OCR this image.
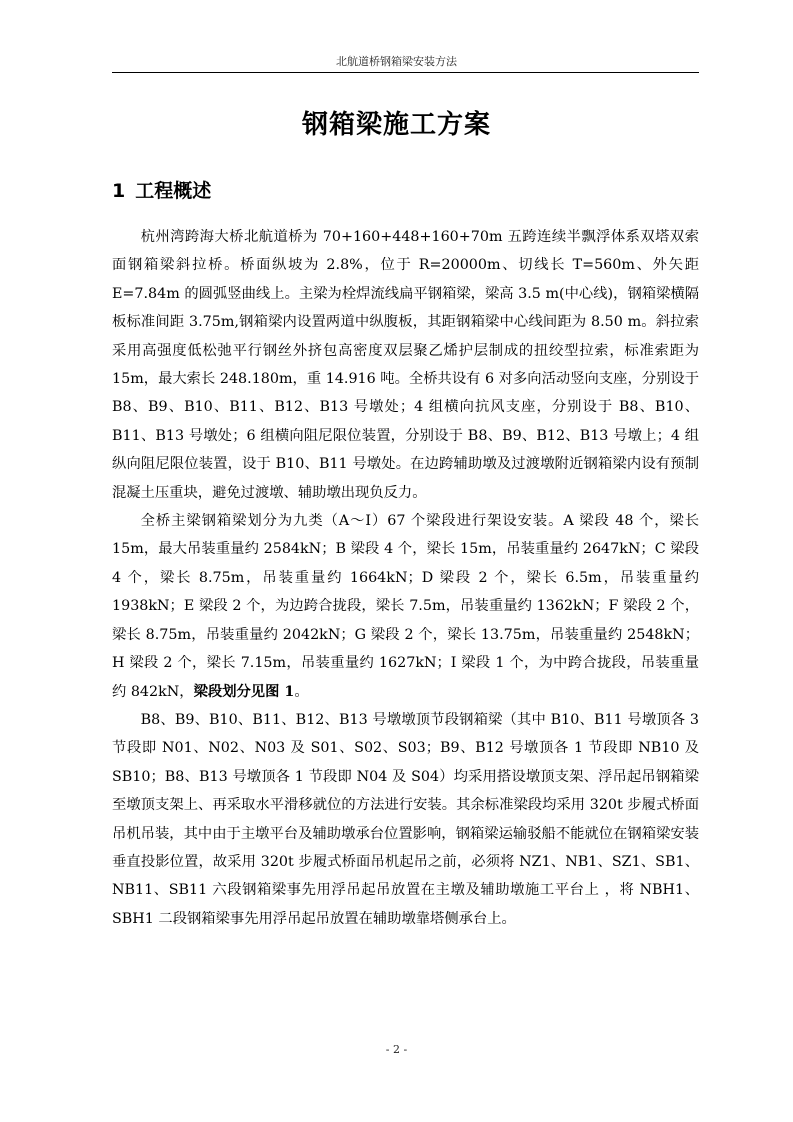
北航道桥钢箱梁安装方法
钢箱梁施工方案
1 工程概述

杭州湾跨海大桥北航道桥为 70+160+448+160+70m 五跨连续半飘浮体系双塔双索面钢箱梁斜拉桥。桥面纵坡为 2.8%，位于 R=20000m、切线长 T=560m、外矢距 E=7.84m 的圆弧竖曲线上。主梁为栓焊流线扁平钢箱梁，梁高 3.5 m(中心线)，钢箱梁横隔板标准间距 3.75m,钢箱梁内设置两道中纵腹板，其距钢箱梁中心线间距为 8.50 m。斜拉索采用高强度低松弛平行钢丝外挤包高密度双层聚乙烯护层制成的扭绞型拉索，标准索距为 15m，最大索长 248.180m，重 14.916 吨。全桥共设有 6 对多向活动竖向支座，分别设于 B8、B9、B10、B11、B12、B13 号墩处；4 组横向抗风支座，分别设于 B8、B10、B11、B13 号墩处；6 组横向阻尼限位装置，分别设于 B8、B9、B12、B13 号墩上；4 组纵向阻尼限位装置，设于 B10、B11 号墩处。在边跨辅助墩及过渡墩附近钢箱梁内设有预制混凝土压重块，避免过渡墩、辅助墩出现负反力。

全桥主梁钢箱梁划分为九类（A～I）67 个梁段进行架设安装。A 梁段 48 个，梁长 15m，最大吊装重量约 2584kN；B 梁段 4 个，梁长 15m，吊装重量约 2647kN；C 梁段 4 个，梁长 8.75m，吊装重量约 1664kN；D 梁段 2 个，梁长 6.5m，吊装重量约 1938kN；E 梁段 2 个，为边跨合拢段，梁长 7.5m，吊装重量约 1362kN；F 梁段 2 个，梁长 8.75m，吊装重量约 2042kN；G 梁段 2 个，梁长 13.75m，吊装重量约 2548kN；H 梁段 2 个，梁长 7.15m，吊装重量约 1627kN；I 梁段 1 个，为中跨合拢段，吊装重量约 842kN，梁段划分见图 1。

B8、B9、B10、B11、B12、B13 号墩墩顶节段钢箱梁（其中 B10、B11 号墩顶各 3 节段即 N01、N02、N03 及 S01、S02、S03；B9、B12 号墩顶各 1 节段即 NB10 及 SB10；B8、B13 号墩顶各 1 节段即 N04 及 S04）均采用搭设墩顶支架、浮吊起吊钢箱梁至墩顶支架上、再采取水平滑移就位的方法进行安装。其余标准梁段均采用 320t 步履式桥面吊机吊装，其中由于主墩平台及辅助墩承台位置影响，钢箱梁运输驳船不能就位在钢箱梁安装垂直投影位置，故采用 320t 步履式桥面吊机起吊之前，必须将 NZ1、NB1、SZ1、SB1、NB11、SB11 六段钢箱梁事先用浮吊起吊放置在主墩及辅助墩施工平台上 ，将 NBH1、SBH1 二段钢箱梁事先用浮吊起吊放置在辅助墩靠塔侧承台上。

- 2 -
